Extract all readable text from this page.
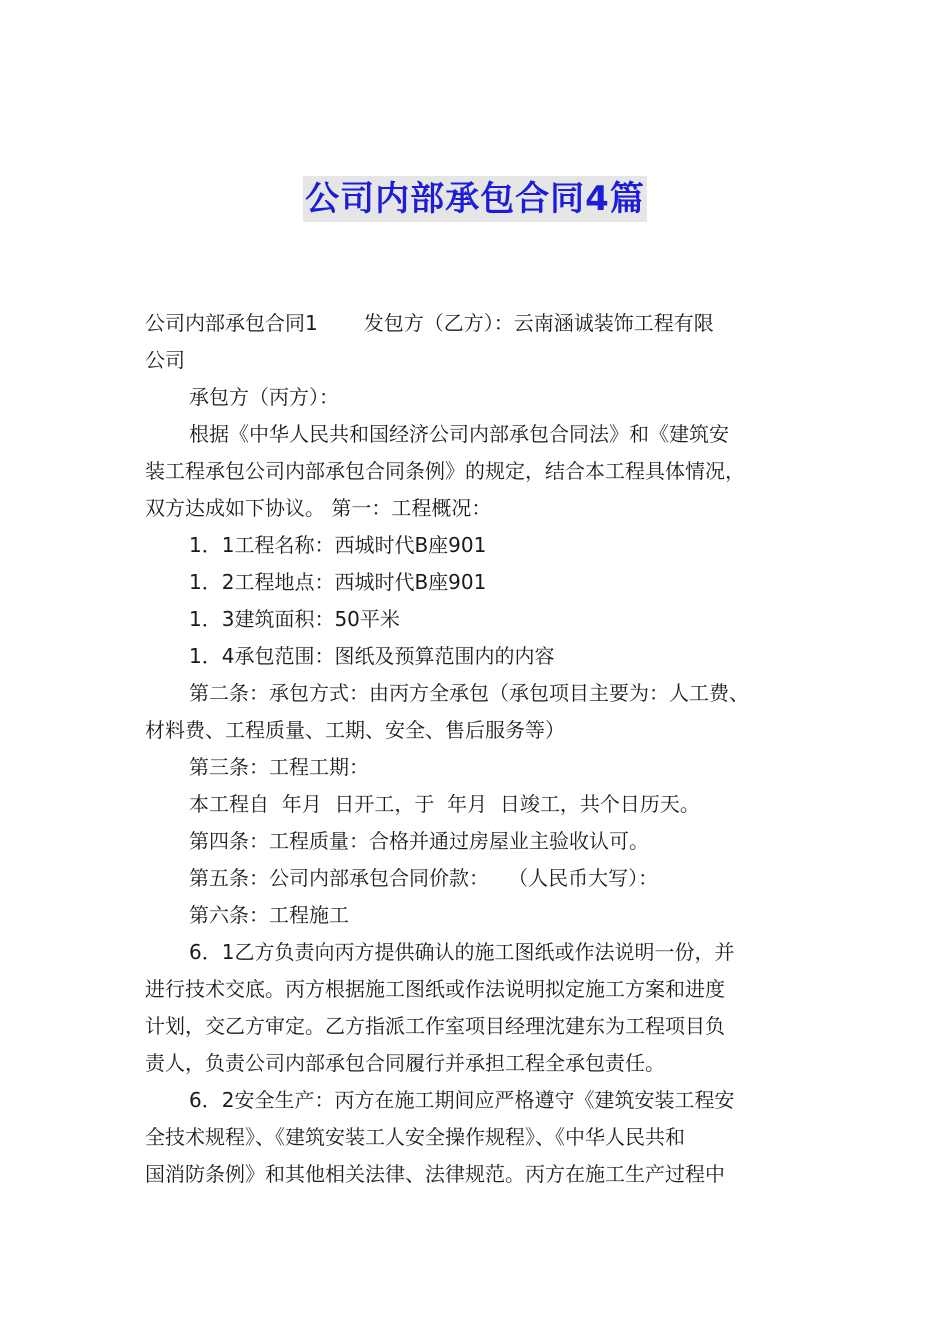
公司内部承包合同4篇

公司内部承包合同1 发包方（乙方）：云南涵诚装饰工程有限

公司

承包方（丙方）：

根据《中华人民共和国经济公司内部承包合同法》和《建筑安

装工程承包公司内部承包合同条例》的规定，结合本工程具体情况，

双方达成如下协议。 第一：工程概况：

1．1工程名称：西城时代B座901

1．2工程地点：西城时代B座901

1．3建筑面积：50平米

1．4承包范围：图纸及预算范围内的内容

第二条：承包方式：由丙方全承包（承包项目主要为：人工费、

材料费、工程质量、工期、安全、售后服务等）

第三条：工程工期：

本工程自  年月  日开工，于  年月  日竣工，共个日历天。

第四条：工程质量：合格并通过房屋业主验收认可。

第五条：公司内部承包合同价款：   （人民币大写）：

第六条：工程施工

6．1乙方负责向丙方提供确认的施工图纸或作法说明一份，并

进行技术交底。丙方根据施工图纸或作法说明拟定施工方案和进度

计划，交乙方审定。乙方指派工作室项目经理沈建东为工程项目负

责人，负责公司内部承包合同履行并承担工程全承包责任。

6．2安全生产：丙方在施工期间应严格遵守《建筑安装工程安

全技术规程》、《建筑安装工人安全操作规程》、《中华人民共和

国消防条例》和其他相关法律、法律规范。丙方在施工生产过程中
